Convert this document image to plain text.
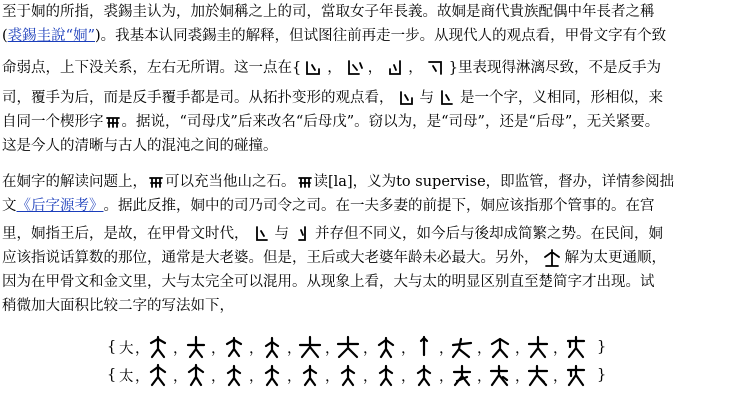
至于姛的所指，裘錫圭认为，加於姛稱之上的司，當取女子年長義。故姛是商代貴族配偶中年長者之稱
( 裘錫圭說“姛” ) 。我基本认同裘錫圭的解释，但试图往前再走一步。从现代人的观点看，甲骨文字有个致
命弱点，上下没关系，左右无所谓。这一点在{ ， ， ， }里表现得淋漓尽致，不是反手为
司，覆手为后，而是反手覆手都是司。从拓扑变形的观点看， 与 是一个字，义相同，形相似，来
自同一个楔形字 。据说，“司母戊”后来改名“后母戊”。窃以为，是“司母”，还是“后母”，无关紧要。
这是今人的清晰与古人的混沌之间的碰撞。
在姛字的解读问题上， 可以充当他山之石。 读[la]，义为to supervise，即监管，督办，详情参阅拙
文 《后字源考》 。据此反推，姛中的司乃司令之司。在一夫多妻的前提下，姛应该指那个管事的。在宫
里，姛指王后，是故，在甲骨文时代， 与 并存但不同义，如今后与後却成简繁之势。在民间，姛
应该指说话算数的那位，通常是大老婆。但是，王后或大老婆年龄未必最大。另外， 解为太更通顺，
因为在甲骨文和金文里，大与太完全可以混用。从现象上看，大与太的明显区别直至楚简字才出现。试
稍微加大面积比较二字的写法如下，
{ 大 ， ， ， ， ， ， ， ， ， ， ， ， }
{ 太 ， ， ， ， ， ， ， ， ， ， ， ， }
